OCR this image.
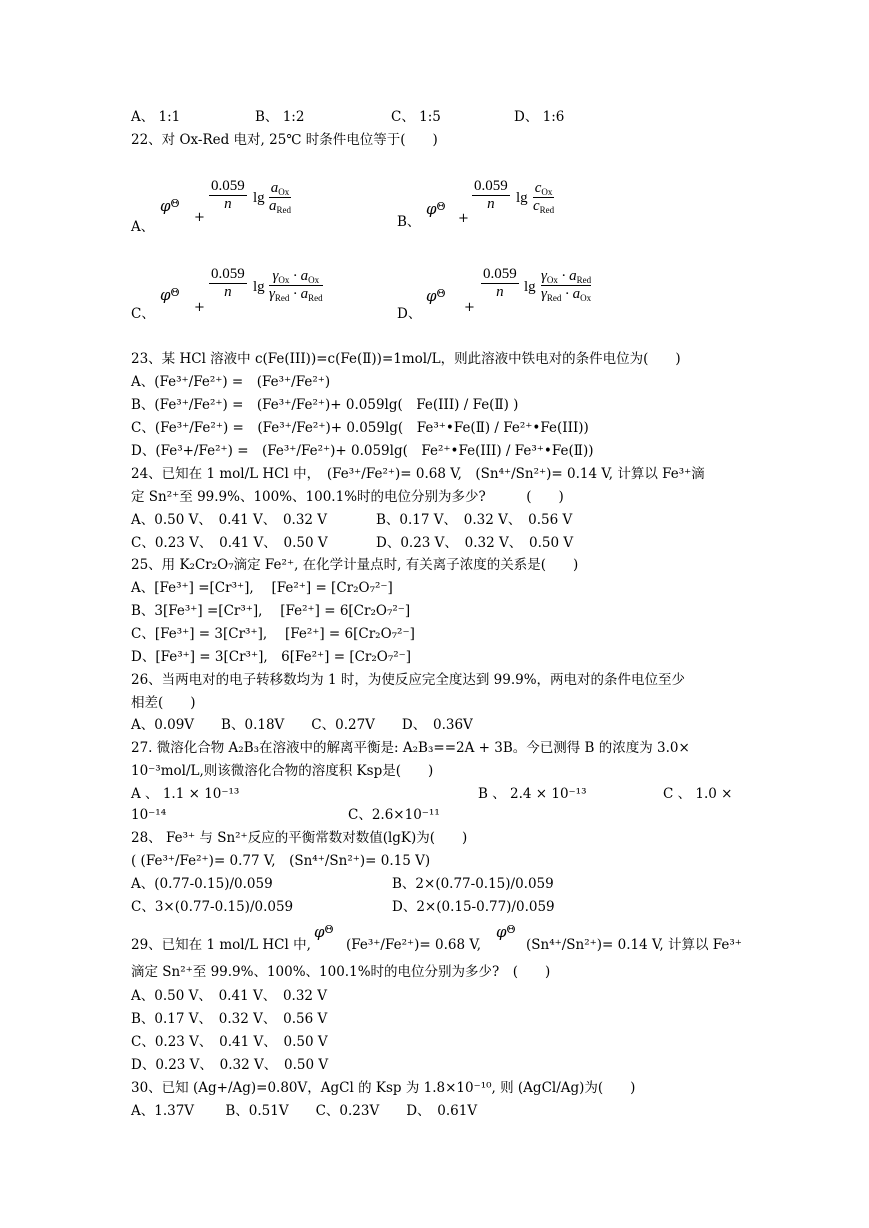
A、 1:1	B、 1:2	C、 1:5	D、 1:6
22、对 Ox-Red 电对, 25℃ 时条件电位等于(　　)
A、
$\varphi^\Theta$
+
0.059
n	lg
$a_{Ox}$
$a_{Red}$
B、
$\varphi^\Theta$
+
0.059
n	lg
$c_{Ox}$
$c_{Red}$
C、
$\varphi^\Theta$
+
0.059
n	lg
$\gamma_{Ox} \cdot a_{Ox}$
$\gamma_{Red} \cdot a_{Red}$
D、
$\varphi^\Theta$
+
0.059
n	lg
$\gamma_{Ox} \cdot a_{Red}$
$\gamma_{Red} \cdot a_{Ox}$
23、某 HCl 溶液中 c(Fe(III))=c(Fe(Ⅱ))=1mol/L，则此溶液中铁电对的条件电位为(　　)
A、(Fe³⁺/Fe²⁺) =　(Fe³⁺/Fe²⁺)
B、(Fe³⁺/Fe²⁺) =　(Fe³⁺/Fe²⁺)+ 0.059lg(　Fe(III) / Fe(Ⅱ) )
C、(Fe³⁺/Fe²⁺) =　(Fe³⁺/Fe²⁺)+ 0.059lg(　Fe³⁺•Fe(Ⅱ) / Fe²⁺•Fe(III))
D、(Fe³+/Fe²⁺) =　(Fe³⁺/Fe²⁺)+ 0.059lg(　Fe²⁺•Fe(III) / Fe³⁺•Fe(Ⅱ))
24、已知在 1 mol/L HCl 中，　(Fe³⁺/Fe²⁺)= 0.68 V,　(Sn⁴⁺/Sn²⁺)= 0.14 V, 计算以 Fe³⁺滴
定 Sn²⁺至 99.9%、100%、100.1%时的电位分别为多少?　　　(　　)
A、0.50 V、　0.41 V、　0.32 V	B、0.17 V、　0.32 V、　0.56 V
C、0.23 V、　0.41 V、　0.50 V	D、0.23 V、　0.32 V、　0.50 V
25、用 K₂Cr₂O₇滴定 Fe²⁺, 在化学计量点时, 有关离子浓度的关系是(　　)
A、[Fe³⁺] =[Cr³⁺],　 [Fe²⁺] = [Cr₂O₇²⁻]
B、3[Fe³⁺] =[Cr³⁺],　 [Fe²⁺] = 6[Cr₂O₇²⁻]
C、[Fe³⁺] = 3[Cr³⁺],　 [Fe²⁺] = 6[Cr₂O₇²⁻]
D、[Fe³⁺] = 3[Cr³⁺],　6[Fe²⁺] = [Cr₂O₇²⁻]
26、当两电对的电子转移数均为 1 时，为使反应完全度达到 99.9%，两电对的条件电位至少
相差(　　)
A、0.09V　　B、0.18V　　C、0.27V　　D、　0.36V
27. 微溶化合物 A₂B₃在溶液中的解离平衡是: A₂B₃==2A + 3B。今已测得 B 的浓度为 3.0×
10⁻³mol/L,则该微溶化合物的溶度积 Ksp是(　　)
A 、 1.1 × 10⁻¹³	B 、 2.4 × 10⁻¹³	C 、 1.0 ×
10⁻¹⁴	C、2.6×10⁻¹¹
28、 Fe³⁺ 与 Sn²⁺反应的平衡常数对数值(lgK)为(　　)
( (Fe³⁺/Fe²⁺)= 0.77 V,　(Sn⁴⁺/Sn²⁺)= 0.15 V)
A、(0.77-0.15)/0.059	B、2×(0.77-0.15)/0.059
C、3×(0.77-0.15)/0.059	D、2×(0.15-0.77)/0.059
29、已知在 1 mol/L HCl 中,
$\varphi^\Theta$
(Fe³⁺/Fe²⁺)= 0.68 V,
$\varphi^\Theta$
(Sn⁴⁺/Sn²⁺)= 0.14 V, 计算以 Fe³⁺
滴定 Sn²⁺至 99.9%、100%、100.1%时的电位分别为多少?　(　　)
A、0.50 V、　0.41 V、　0.32 V
B、0.17 V、　0.32 V、　0.56 V
C、0.23 V、　0.41 V、　0.50 V
D、0.23 V、　0.32 V、　0.50 V
30、已知 (Ag+/Ag)=0.80V，AgCl 的 Ksp 为 1.8×10⁻¹⁰, 则 (AgCl/Ag)为(　　)
A、1.37V　　 B、0.51V　　C、0.23V　　D、　0.61V
